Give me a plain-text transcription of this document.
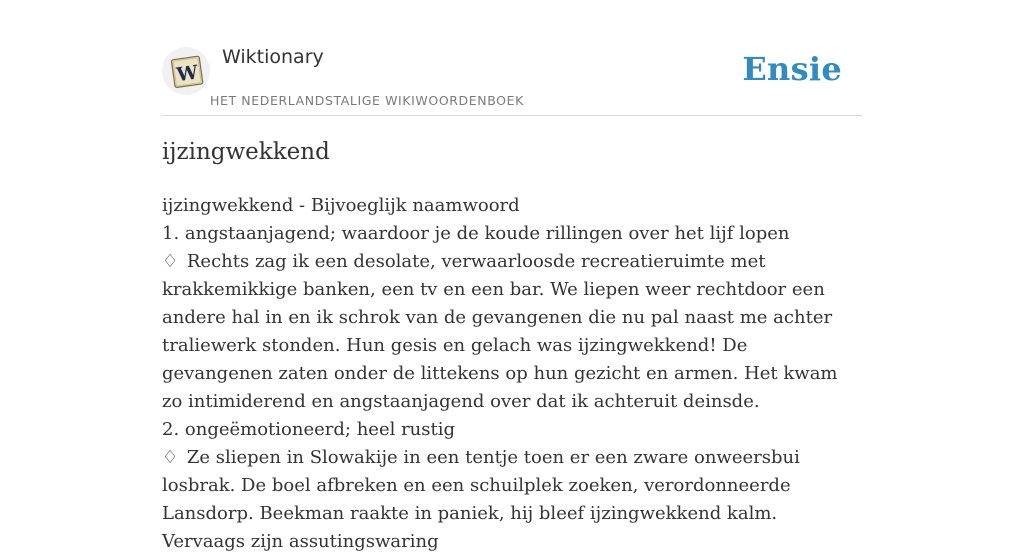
W
Wiktionary
HET NEDERLANDSTALIGE WIKIWOORDENBOEK
Ensie
ijzingwekkend

ijzingwekkend - Bijvoeglijk naamwoord

1. angstaanjagend; waardoor je de koude rillingen over het lijf lopen

♢ Rechts zag ik een desolate, verwaarloosde recreatieruimte met krakkemikkige banken, een tv en een bar. We liepen weer rechtdoor een andere hal in en ik schrok van de gevangenen die nu pal naast me achter traliewerk stonden. Hun gesis en gelach was ijzingwekkend! De gevangenen zaten onder de littekens op hun gezicht en armen. Het kwam zo intimiderend en angstaanjagend over dat ik achteruit deinsde.

2. ongeëmotioneerd; heel rustig

♢ Ze sliepen in Slowakije in een tentje toen er een zware onweersbui losbrak. De boel afbreken en een schuilplek zoeken, verordonneerde Lansdorp. Beekman raakte in paniek, hij bleef ijzingwekkend kalm. Vervaags zijn assutingswaring
